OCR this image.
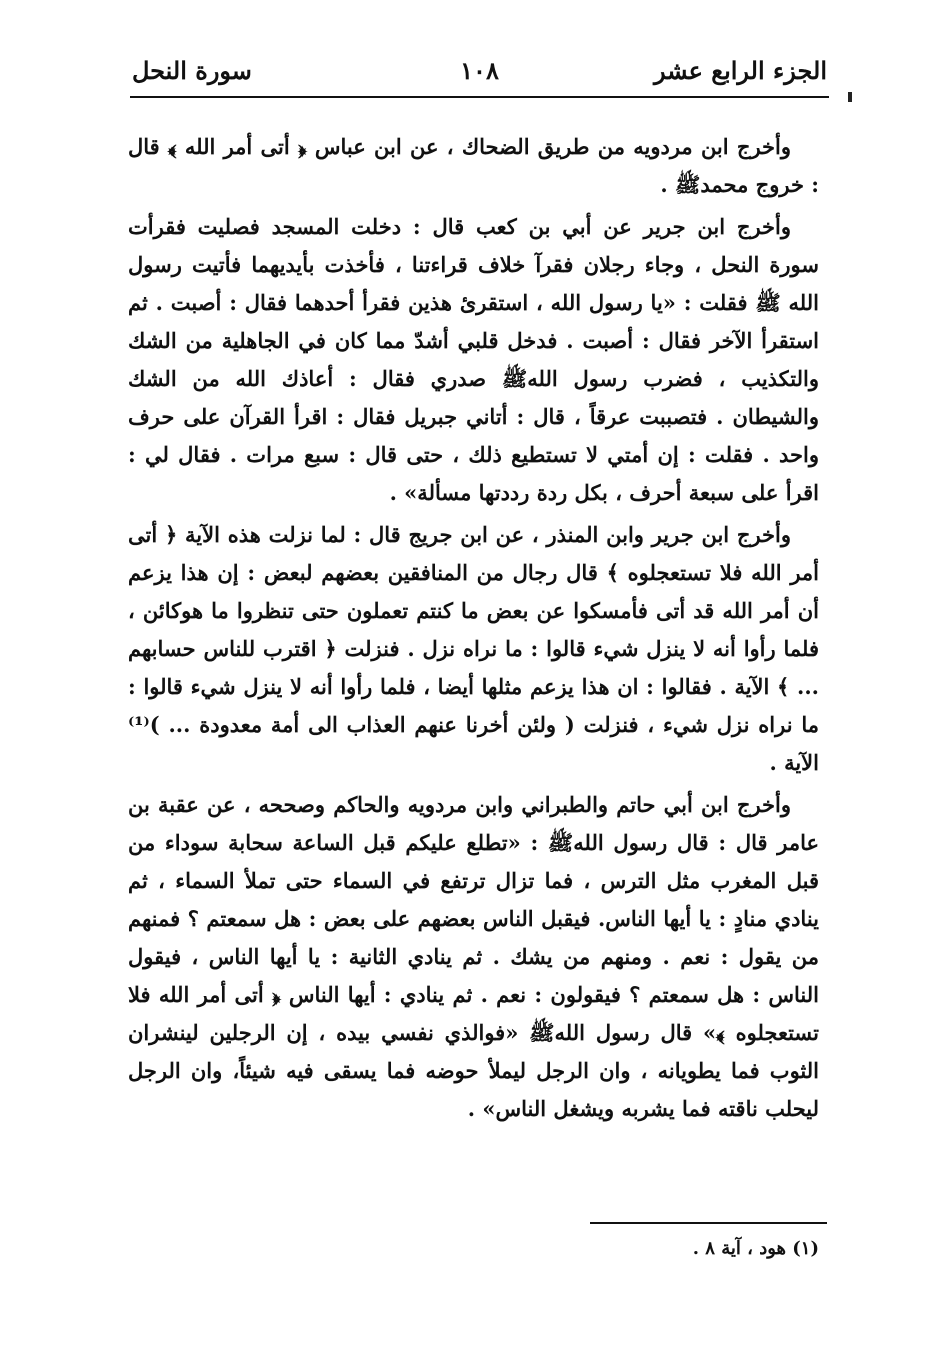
الجزء الرابع عشر
١٠٨
سورة النحل

وأخرج ابن مردويه من طريق الضحاك ، عن ابن عباس ﴿ أتى أمر الله ﴾ قال : خروج محمدﷺ .

وأخرج ابن جرير عن أبي بن كعب قال : دخلت المسجد فصليت فقرأت سورة النحل ، وجاء رجلان فقرآ خلاف قراءتنا ، فأخذت بأيديهما فأتيت رسول الله ﷺ فقلت : «يا رسول الله ، استقرئ هذين فقرأ أحدهما فقال : أصبت . ثم استقرأ الآخر فقال : أصبت . فدخل قلبي أشدّ مما كان في الجاهلية من الشك والتكذيب ، فضرب رسول اللهﷺ صدري فقال : أعاذك الله من الشك والشيطان . فتصببت عرقاً ، قال : أتاني جبريل فقال : اقرأ القرآن على حرف واحد . فقلت : إن أمتي لا تستطيع ذلك ، حتى قال : سبع مرات . فقال لي : اقرأ على سبعة أحرف ، بكل ردة رددتها مسألة» .

وأخرج ابن جرير وابن المنذر ، عن ابن جريج قال : لما نزلت هذه الآية ﴿ أتى أمر الله فلا تستعجلوه ﴾ قال رجال من المنافقين بعضهم لبعض : إن هذا يزعم أن أمر الله قد أتى فأمسكوا عن بعض ما كنتم تعملون حتى تنظروا ما هوكائن ، فلما رأوا أنه لا ينزل شيء قالوا : ما نراه نزل . فنزلت ﴿ اقترب للناس حسابهم ... ﴾ الآية . فقالوا : ان هذا يزعم مثلها أيضا ، فلما رأوا أنه لا ينزل شيء قالوا : ما نراه نزل شيء ، فنزلت ( ولئن أخرنا عنهم العذاب الى أمة معدودة ... )⁽¹⁾ الآية .

وأخرج ابن أبي حاتم والطبراني وابن مردويه والحاكم وصححه ، عن عقبة بن عامر قال : قال رسول اللهﷺ : «تطلع عليكم قبل الساعة سحابة سوداء من قبل المغرب مثل الترس ، فما تزال ترتفع في السماء حتى تملأ السماء ، ثم ينادي منادٍ : يا أيها الناس. فيقبل الناس بعضهم على بعض : هل سمعتم ؟ فمنهم من يقول : نعم . ومنهم من يشك . ثم ينادي الثانية : يا أيها الناس ، فيقول الناس : هل سمعتم ؟ فيقولون : نعم . ثم ينادي : أيها الناس ﴿ أتى أمر الله فلا تستعجلوه ﴾» قال رسول اللهﷺ «فوالذي نفسي بيده ، إن الرجلين لينشران الثوب فما يطويانه ، وان الرجل ليملأ حوضه فما يسقى فيه شيئاً، وان الرجل ليحلب ناقته فما يشربه ويشغل الناس» .

(١) هود ، آية ٨ .
